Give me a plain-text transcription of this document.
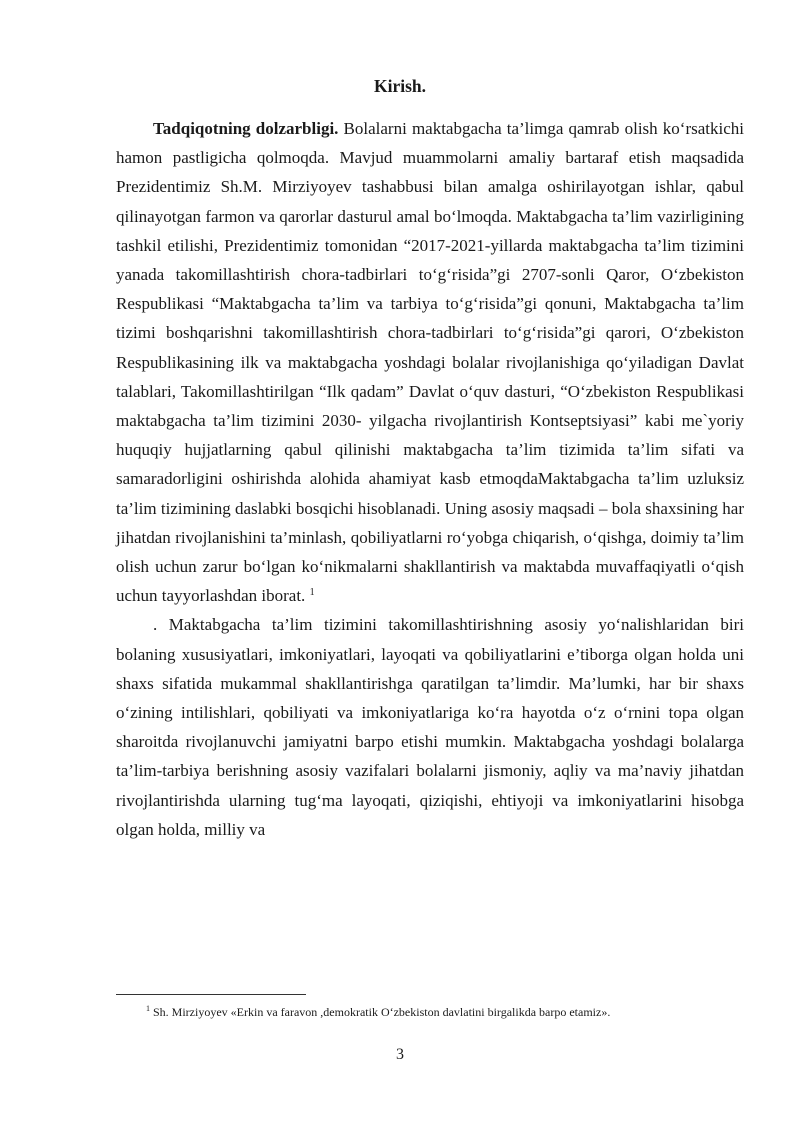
Kirish.

Tadqiqotning dolzarbligi. Bolalarni maktabgacha ta’limga qamrab olish ko‘rsatkichi hamon pastligicha qolmoqda. Mavjud muammolarni amaliy bartaraf etish maqsadida Prezidentimiz Sh.M. Mirziyoyev tashabbusi bilan amalga oshirilayotgan ishlar, qabul qilinayotgan farmon va qarorlar dasturul amal bo‘lmoqda. Maktabgacha ta’lim vazirligining tashkil etilishi, Prezidentimiz tomonidan “2017-2021-yillarda maktabgacha ta’lim tizimini yanada takomillashtirish chora-tadbirlari to‘g‘risida”gi 2707-sonli Qaror, O‘zbekiston Respublikasi “Maktabgacha ta’lim va tarbiya to‘g‘risida”gi qonuni, Maktabgacha ta’lim tizimi boshqarishni takomillashtirish chora-tadbirlari to‘g‘risida”gi qarori, O‘zbekiston Respublikasining ilk va maktabgacha yoshdagi bolalar rivojlanishiga qo‘yiladigan Davlat talablari, Takomillashtirilgan “Ilk qadam” Davlat o‘quv dasturi, “O‘zbekiston Respublikasi maktabgacha ta’lim tizimini 2030- yilgacha rivojlantirish Kontseptsiyasi” kabi me`yoriy huquqiy hujjatlarning qabul qilinishi maktabgacha ta’lim tizimida ta’lim sifati va samaradorligini oshirishda alohida ahamiyat kasb etmoqdaMaktabgacha ta’lim uzluksiz ta’lim tizimining daslabki bosqichi hisoblanadi. Uning asosiy maqsadi – bola shaxsining har jihatdan rivojlanishini ta’minlash, qobiliyatlarni ro‘yobga chiqarish, o‘qishga, doimiy ta’lim olish uchun zarur bo‘lgan ko‘nikmalarni shakllantirish va maktabda muvaffaqiyatli o‘qish uchun tayyorlashdan iborat. $^1$

. Maktabgacha ta’lim tizimini takomillashtirishning asosiy yo‘nalishlaridan biri bolaning xususiyatlari, imkoniyatlari, layoqati va qobiliyatlarini e’tiborga olgan holda uni shaxs sifatida mukammal shakllantirishga qaratilgan ta’limdir. Ma’lumki, har bir shaxs o‘zining intilishlari, qobiliyati va imkoniyatlariga ko‘ra hayotda o‘z o‘rnini topa olgan sharoitda rivojlanuvchi jamiyatni barpo etishi mumkin. Maktabgacha yoshdagi bolalarga ta’lim-tarbiya berishning asosiy vazifalari bolalarni jismoniy, aqliy va ma’naviy jihatdan rivojlantirishda ularning tug‘ma layoqati, qiziqishi, ehtiyoji va imkoniyatlarini hisobga olgan holda, milliy va

$^1$ Sh. Mirziyoyev «Erkin va faravon ,demokratik O‘zbekiston davlatini birgalikda barpo etamiz».
3
